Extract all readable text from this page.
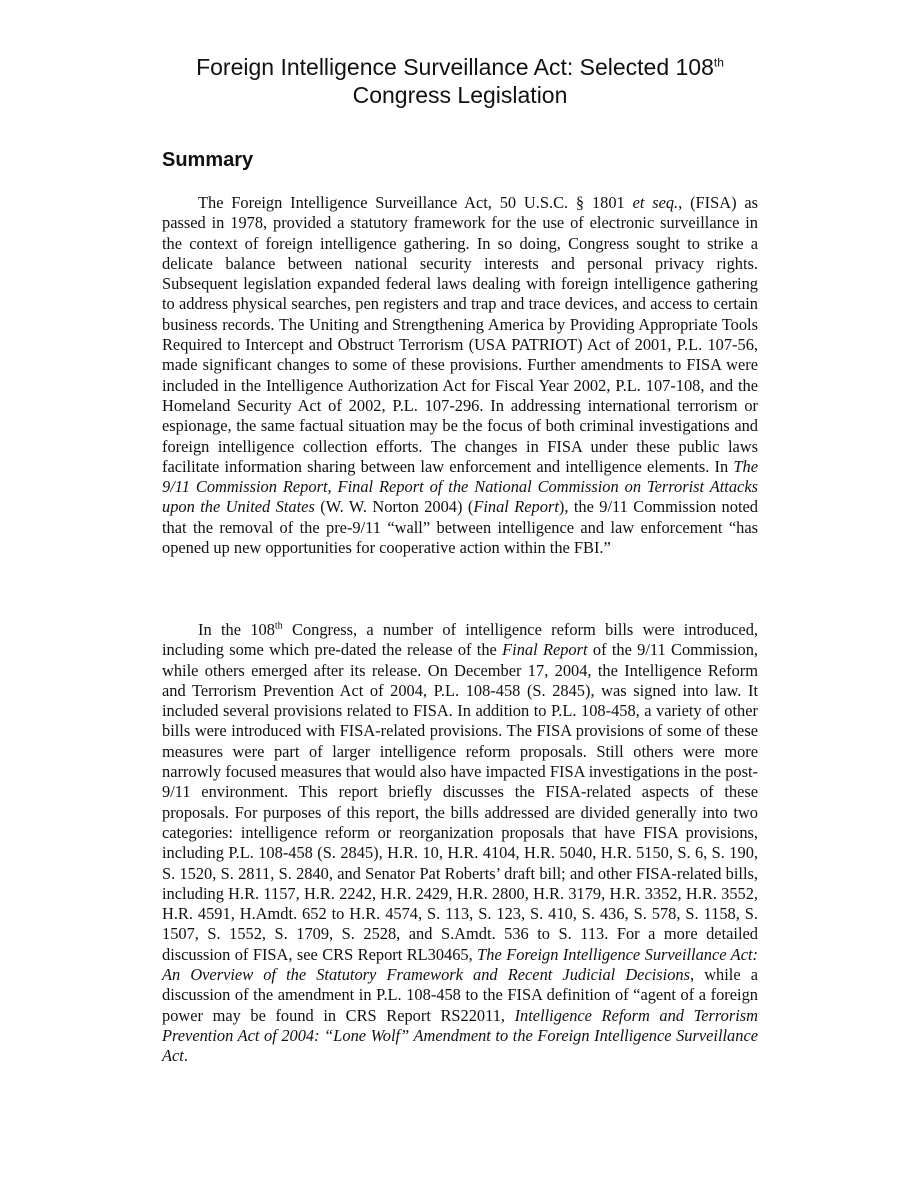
Foreign Intelligence Surveillance Act: Selected 108th
Congress Legislation
Summary

The Foreign Intelligence Surveillance Act, 50 U.S.C. § 1801 et seq., (FISA) as passed in 1978, provided a statutory framework for the use of electronic surveillance in the context of foreign intelligence gathering. In so doing, Congress sought to strike a delicate balance between national security interests and personal privacy rights. Subsequent legislation expanded federal laws dealing with foreign intelligence gathering to address physical searches, pen registers and trap and trace devices, and access to certain business records. The Uniting and Strengthening America by Providing Appropriate Tools Required to Intercept and Obstruct Terrorism (USA PATRIOT) Act of 2001, P.L. 107-56, made significant changes to some of these provisions. Further amendments to FISA were included in the Intelligence Authorization Act for Fiscal Year 2002, P.L. 107-108, and the Homeland Security Act of 2002, P.L. 107-296. In addressing international terrorism or espionage, the same factual situation may be the focus of both criminal investigations and foreign intelligence collection efforts. The changes in FISA under these public laws facilitate information sharing between law enforcement and intelligence elements. In The 9/11 Commission Report, Final Report of the National Commission on Terrorist Attacks upon the United States (W. W. Norton 2004) (Final Report), the 9/11 Commission noted that the removal of the pre-9/11 “wall” between intelligence and law enforcement “has opened up new opportunities for cooperative action within the FBI.”

In the 108th Congress, a number of intelligence reform bills were introduced, including some which pre-dated the release of the Final Report of the 9/11 Commission, while others emerged after its release. On December 17, 2004, the Intelligence Reform and Terrorism Prevention Act of 2004, P.L. 108-458 (S. 2845), was signed into law. It included several provisions related to FISA. In addition to P.L. 108-458, a variety of other bills were introduced with FISA-related provisions. The FISA provisions of some of these measures were part of larger intelligence reform proposals. Still others were more narrowly focused measures that would also have impacted FISA investigations in the post-9/11 environment. This report briefly discusses the FISA-related aspects of these proposals. For purposes of this report, the bills addressed are divided generally into two categories: intelligence reform or reorganization proposals that have FISA provisions, including P.L. 108-458 (S. 2845), H.R. 10, H.R. 4104, H.R. 5040, H.R. 5150, S. 6, S. 190, S. 1520, S. 2811, S. 2840, and Senator Pat Roberts’ draft bill; and other FISA-related bills, including H.R. 1157, H.R. 2242, H.R. 2429, H.R. 2800, H.R. 3179, H.R. 3352, H.R. 3552, H.R. 4591, H.Amdt. 652 to H.R. 4574, S. 113, S. 123, S. 410, S. 436, S. 578, S. 1158, S. 1507, S. 1552, S. 1709, S. 2528, and S.Amdt. 536 to S. 113. For a more detailed discussion of FISA, see CRS Report RL30465, The Foreign Intelligence Surveillance Act: An Overview of the Statutory Framework and Recent Judicial Decisions, while a discussion of the amendment in P.L. 108-458 to the FISA definition of “agent of a foreign power may be found in CRS Report RS22011, Intelligence Reform and Terrorism Prevention Act of 2004: “Lone Wolf” Amendment to the Foreign Intelligence Surveillance Act.
